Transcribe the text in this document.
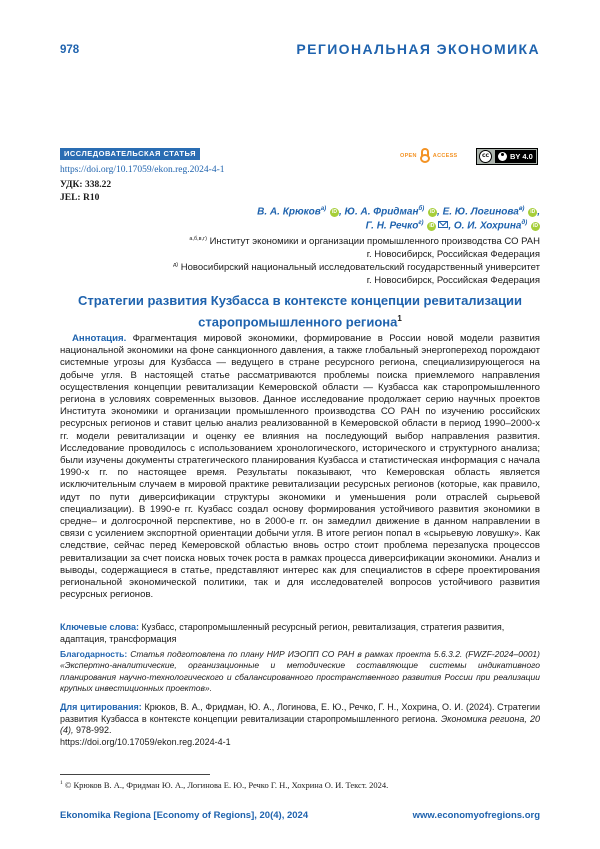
978	РЕГИОНАЛЬНАЯ ЭКОНОМИКА
ИССЛЕДОВАТЕЛЬСКАЯ СТАТЬЯ	OPEN	ACCESS	cc	BY 4.0
https://doi.org/10.17059/ekon.reg.2024-4-1
УДК: 338.22
JEL: R10
В. А. Крюков$^{а)}$ iD , Ю. А. Фридман$^{б)}$ iD , Е. Ю. Логинова$^{в)}$ iD ,
Г. Н. Речко$^{г)}$ iD , О. И. Хохрина$^{д)}$ iD
$^{а,б,в,г)}$ Институт экономики и организации промышленного производства СО РАН
г. Новосибирск, Российская Федерация
$^{д)}$ Новосибирский национальный исследовательский государственный университет
г. Новосибирск, Российская Федерация
Стратегии развития Кузбасса в контексте концепции ревитализации
старопромышленного региона$^1$
Аннотация. Фрагментация мировой экономики, формирование в России новой модели развития национальной экономики на фоне санкционного давления, а также глобальный энергопереход порождают системные угрозы для Кузбасса — ведущего в стране ресурсного региона, специализирующегося на добыче угля. В настоящей статье рассматриваются проблемы поиска приемлемого направления осуществления концепции ревитализации Кемеровской области — Кузбасса как старопромышленного региона в условиях современных вызовов. Данное исследование продолжает серию научных проектов Института экономики и организации промышленного производства СО РАН по изучению российских ресурсных регионов и ставит целью анализ реализованной в Кемеровской области в период 1990–2000-х гг. модели ревитализации и оценку ее влияния на последующий выбор направления развития. Исследование проводилось с использованием хронологического, исторического и структурного анализа; были изучены документы стратегического планирования Кузбасса и статистическая информация с начала 1990-х гг. по настоящее время. Результаты показывают, что Кемеровская область является исключительным случаем в мировой практике ревитализации ресурсных регионов (которые, как правило, идут по пути диверсификации структуры экономики и уменьшения роли отраслей сырьевой специализации). В 1990-е гг. Кузбасс создал основу формирования устойчивого развития экономики в средне– и долгосрочной перспективе, но в 2000-е гг. он замедлил движение в данном направлении в связи с усилением экспортной ориентации добычи угля. В итоге регион попал в «сырьевую ловушку». Как следствие, сейчас перед Кемеровской областью вновь остро стоит проблема перезапуска процессов ревитализации за счет поиска новых точек роста в рамках процесса диверсификации экономики. Анализ и выводы, содержащиеся в статье, представляют интерес как для специалистов в сфере проектирования региональной экономической политики, так и для исследователей вопросов устойчивого развития ресурсных регионов.
Ключевые слова: Кузбасс, старопромышленный ресурсный регион, ревитализация, стратегия развития, адаптация, трансформация
Благодарность: Статья подготовлена по плану НИР ИЭОПП СО РАН в рамках проекта 5.6.3.2. (FWZF-2024–0001) «Экспертно-аналитические, организационные и методические составляющие системы индикативного планирования научно-технологического и сбалансированного пространственного развития России при реализации крупных инвестиционных проектов».
Для цитирования: Крюков, В. А., Фридман, Ю. А., Логинова, Е. Ю., Речко, Г. Н., Хохрина, О. И. (2024). Стратегии развития Кузбасса в контексте концепции ревитализации старопромышленного региона. Экономика региона, 20 (4), 978-992.
https://doi.org/10.17059/ekon.reg.2024-4-1
$^1$ © Крюков В. А., Фридман Ю. А., Логинова Е. Ю., Речко Г. Н., Хохрина О. И. Текст. 2024.
Ekonomika Regiona [Economy of Regions], 20(4), 2024	www.economyofregions.org
